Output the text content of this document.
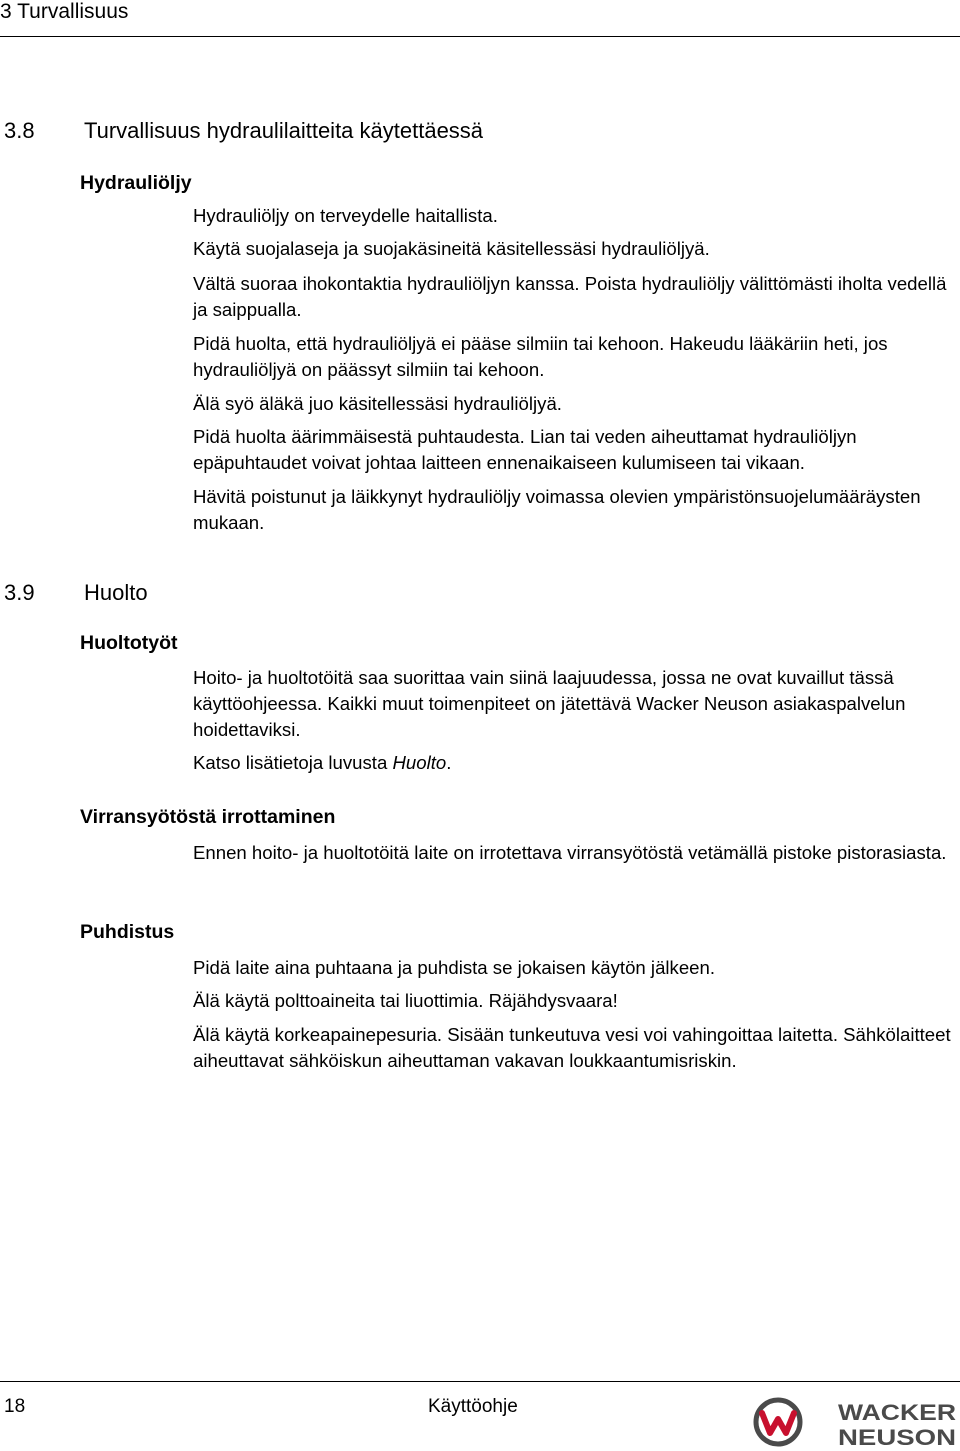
3 Turvallisuus
3.8 Turvallisuus hydraulilaitteita käytettäessä
Hydrauliöljy
Hydrauliöljy on terveydelle haitallista.
Käytä suojalaseja ja suojakäsineitä käsitellessäsi hydrauliöljyä.
Vältä suoraa ihokontaktia hydrauliöljyn kanssa. Poista hydrauliöljy välittömästi iholta vedellä ja saippualla.
Pidä huolta, että hydrauliöljyä ei pääse silmiin tai kehoon. Hakeudu lääkäriin heti, jos hydrauliöljyä on päässyt silmiin tai kehoon.
Älä syö äläkä juo käsitellessäsi hydrauliöljyä.
Pidä huolta äärimmäisestä puhtaudesta. Lian tai veden aiheuttamat hydrauliöljyn epäpuhtaudet voivat johtaa laitteen ennenaikaiseen kulumiseen tai vikaan.
Hävitä poistunut ja läikkynyt hydrauliöljy voimassa olevien ympäristönsuojelumääräysten mukaan.
3.9 Huolto
Huoltotyöt
Hoito- ja huoltotöitä saa suorittaa vain siinä laajuudessa, jossa ne ovat kuvaillut tässä käyttöohjeessa. Kaikki muut toimenpiteet on jätettävä Wacker Neuson asiakaspalvelun hoidettaviksi.
Katso lisätietoja luvusta Huolto.
Virransyötöstä irrottaminen
Ennen hoito- ja huoltotöitä laite on irrotettava virransyötöstä vetämällä pistoke pistorasiasta.
Puhdistus
Pidä laite aina puhtaana ja puhdista se jokaisen käytön jälkeen.
Älä käytä polttoaineita tai liuottimia. Räjähdysvaara!
Älä käytä korkeapainepesuria. Sisään tunkeutuva vesi voi vahingoittaa laitetta. Sähkölaitteet aiheuttavat sähköiskun aiheuttaman vakavan loukkaantumisriskin.
18	Käyttöohje	WACKER
NEUSON
